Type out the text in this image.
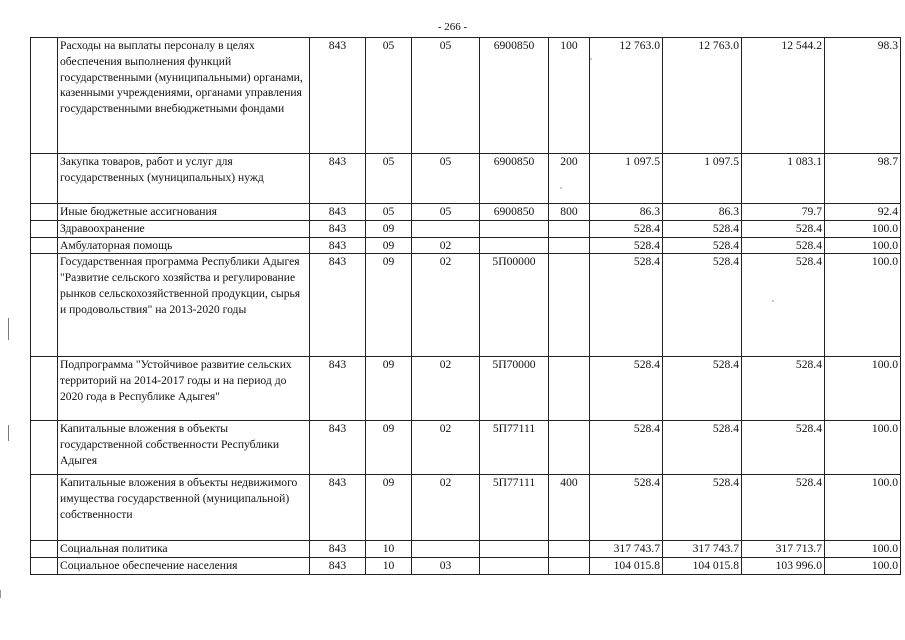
- 266 -
	Расходы на выплаты персоналу в целях обеспечения выполнения функций государственными (муниципальными) органами, казенными учреждениями, органами управления государственными внебюджетными фондами	843	05	05	6900850	100	12 763.0	12 763.0	12 544.2	98.3
	Закупка товаров, работ и услуг для государственных (муниципальных) нужд	843	05	05	6900850	200	1 097.5	1 097.5	1 083.1	98.7
	Иные бюджетные ассигнования	843	05	05	6900850	800	86.3	86.3	79.7	92.4
	Здравоохранение	843	09				528.4	528.4	528.4	100.0
	Амбулаторная помощь	843	09	02			528.4	528.4	528.4	100.0
	Государственная программа Республики Адыгея "Развитие сельского хозяйства и регулирование рынков сельскохозяйственной продукции, сырья и продовольствия" на 2013-2020 годы	843	09	02	5П00000		528.4	528.4	528.4	100.0
	Подпрограмма "Устойчивое развитие сельских территорий на 2014-2017 годы и на период до 2020 года в Республике Адыгея"	843	09	02	5П70000		528.4	528.4	528.4	100.0
	Капитальные вложения в объекты государственной собственности Республики Адыгея	843	09	02	5П77111		528.4	528.4	528.4	100.0
	Капитальные вложения в объекты недвижимого имущества государственной (муниципальной) собственности	843	09	02	5П77111	400	528.4	528.4	528.4	100.0
	Социальная политика	843	10				317 743.7	317 743.7	317 713.7	100.0
	Социальное обеспечение населения	843	10	03			104 015.8	104 015.8	103 996.0	100.0
